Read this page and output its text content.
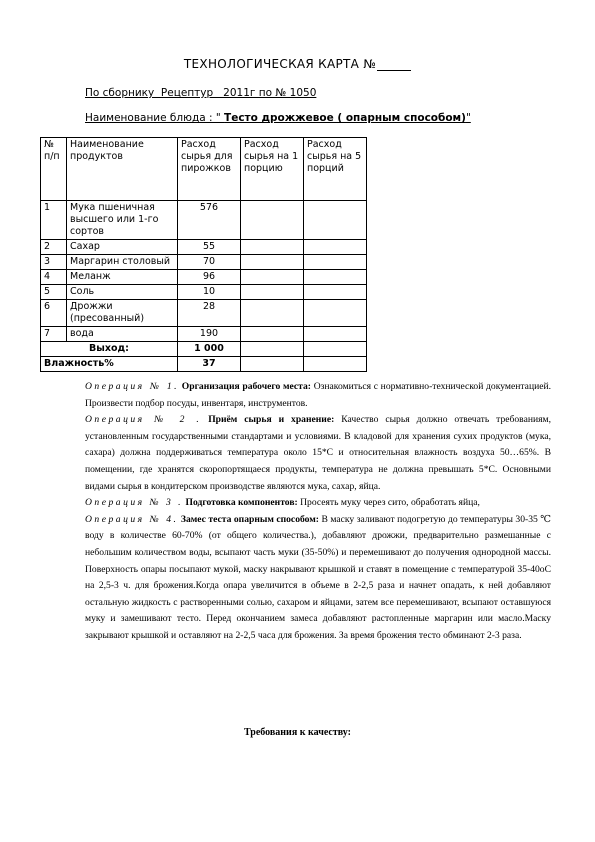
ТЕХНОЛОГИЧЕСКАЯ КАРТА №
По сборнику  Рецептур   2011г по № 1050
Наименование блюда : " Тесто дрожжевое ( опарным способом)"
№ п/п	Наименование продуктов	Расход сырья для пирожков	Расход сырья на 1 порцию	Расход сырья на 5 порций
1	Мука пшеничная высшего или 1-го сортов	576		
2	Сахар	55		
3	Маргарин столовый	70		
4	Меланж	96		
5	Соль	10		
6	Дрожжи (пресованный)	28		
7	вода	190		
Выход:		1 000		
Влажность%		37		

Операция № 1. Организация рабочего места: Ознакомиться с нормативно-технической документацией. Произвести подбор посуды, инвентаря, инструментов.

Операция № 2 . Приём сырья и хранение: Качество сырья должно отвечать требованиям, установленным государственными стандартами и условиями. В кладовой для хранения сухих продуктов (мука, сахара) должна поддерживаться температура около 15*С и относительная влажность воздуха 50…65%. В помещении, где хранятся скоропортящаеся продукты, температура не должна превышать 5*С. Основными видами сырья в кондитерском производстве являются мука, сахар, яйца.

Операция № 3 . Подготовка компонентов: Просеять муку через сито, обработать яйца,

Операция № 4. Замес теста опарным способом: В маску заливают подогретую до температуры 30-35 ℃ воду в количестве 60-70% (от общего количества.), добавляют дрожжи, предварительно размешанные с небольшим количеством воды, всыпают часть муки (35-50%) и перемешивают до получения однородной массы. Поверхность опары посыпают мукой, маску накрывают крышкой и ставят в помещение с температурой 35-40оС на 2,5-3 ч. для брожения.Когда опара увеличится в объеме в 2-2,5 раза и начнет опадать, к ней добавляют остальную жидкость с растворенными солью, сахаром и яйцами, затем все перемешивают, всыпают оставшуюся муку и замешивают тесто. Перед окончанием замеса добавляют растопленные маргарин или масло.Маску закрывают крышкой и оставляют на 2-2,5 часа для брожения. За время брожения тесто обминают 2-3 раза.

Требования к качеству:
